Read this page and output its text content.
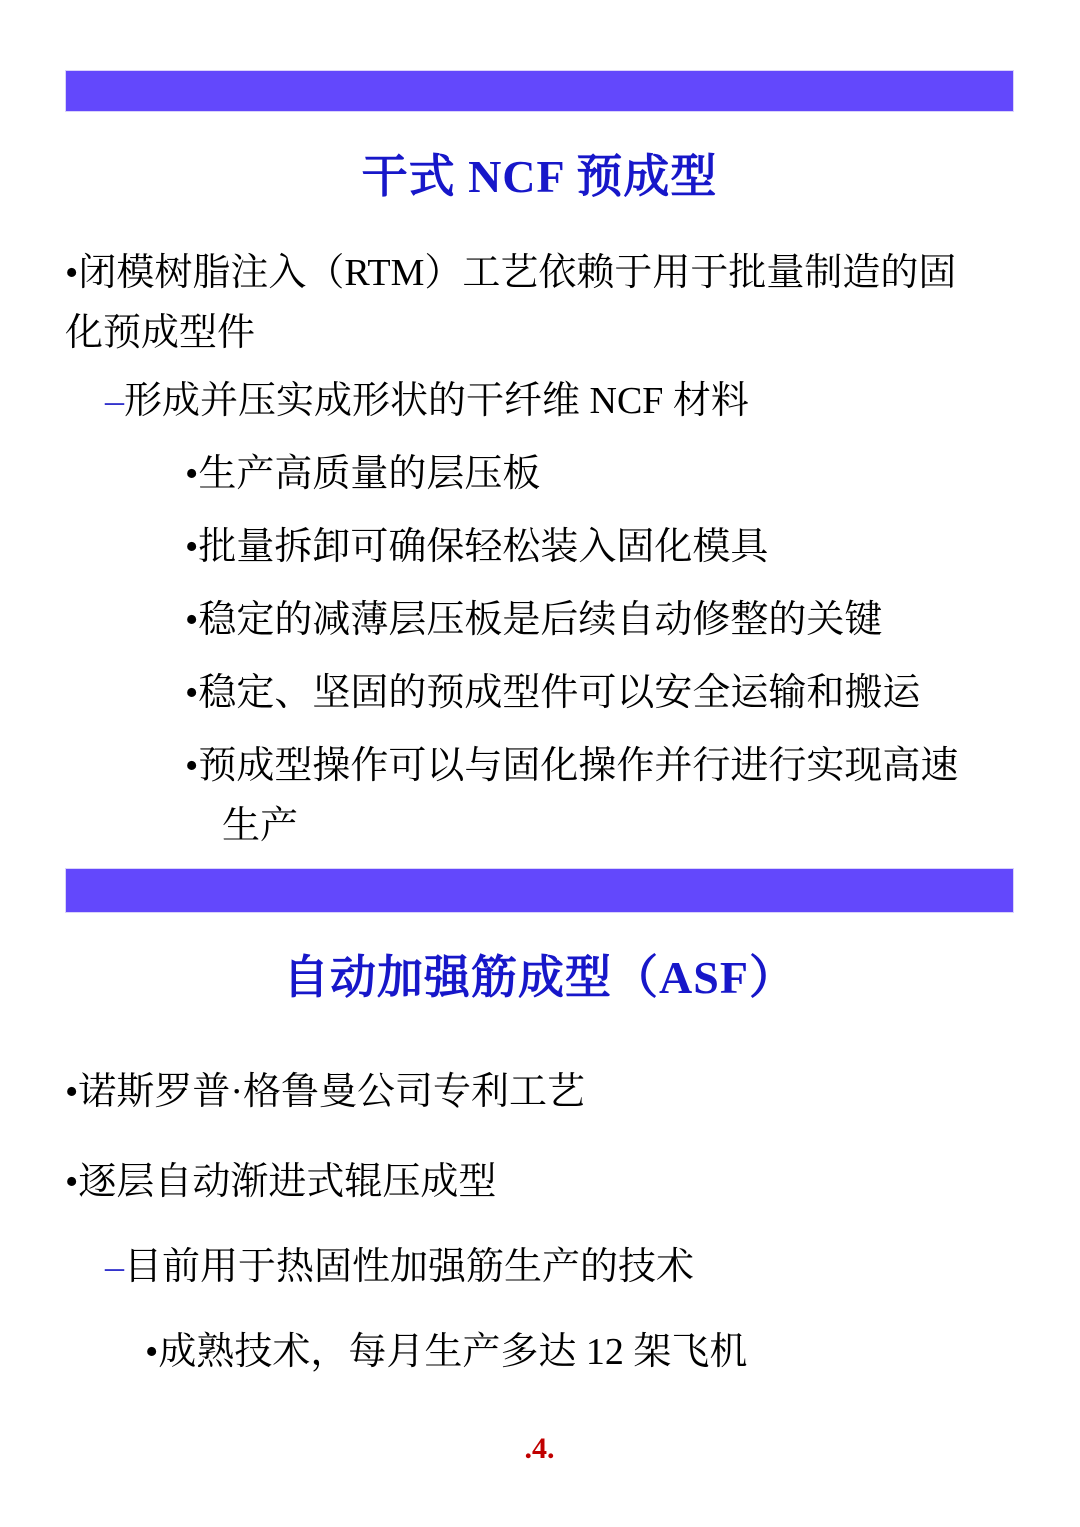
干式 NCF 预成型

•闭模树脂注入（RTM）工艺依赖于用于批量制造的固化预成型件

–形成并压实成形状的干纤维 NCF 材料

•生产高质量的层压板

•批量拆卸可确保轻松装入固化模具

•稳定的减薄层压板是后续自动修整的关键

•稳定、坚固的预成型件可以安全运输和搬运

•预成型操作可以与固化操作并行进行实现高速生产

自动加强筋成型（ASF）

•诺斯罗普·格鲁曼公司专利工艺

•逐层自动渐进式辊压成型

–目前用于热固性加强筋生产的技术

•成熟技术，每月生产多达 12 架飞机

.4.
